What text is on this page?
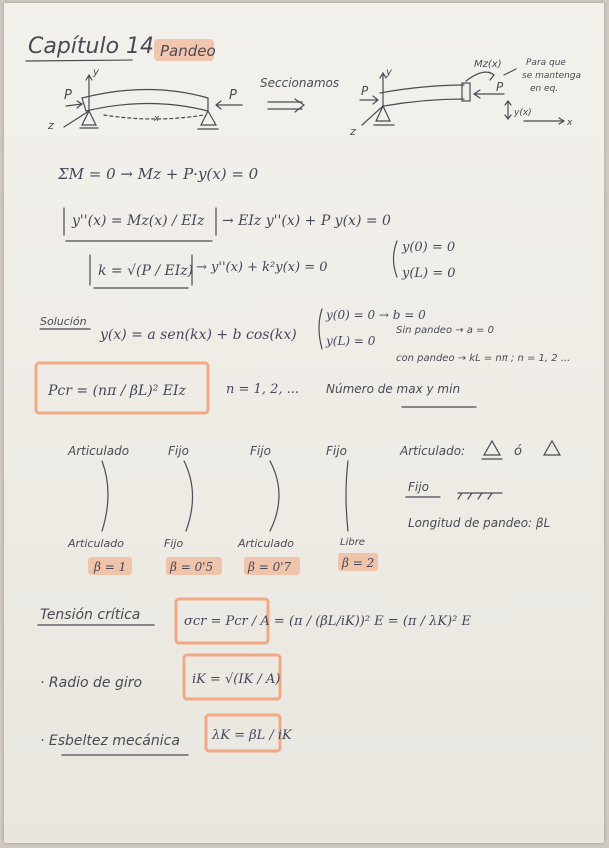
Capítulo 14 Pandeo
P	P
y
z	x
Seccionamos
y
z
x
P	P
Mz(x)
y(x)
Para que
se mantenga
en eq.
ΣM = 0 → Mz + P·y(x) = 0
y''(x) = Mz(x) / EIz → EIz y''(x) + P y(x) = 0
k = √(P / EIz) → y''(x) + k²y(x) = 0
y(0) = 0
y(L) = 0
Solución
y(x) = a sen(kx) + b cos(kx)
y(0) = 0 → b = 0
y(L) = 0
Sin pandeo → a = 0
con pandeo → kL = nπ ; n = 1, 2 ...
Pcr = (nπ / βL)² EIz	n = 1, 2, ... Número de max y min
Articulado
Articulado
β = 1
Fijo
Fijo
β = 0'5
Fijo
Articulado
β = 0'7
Fijo
Libre
β = 2
Articulado:	ó
Fijo
Longitud de pandeo: βL
Tensión crítica	σcr = Pcr / A = (π / (βL/iK))² E = (π / λK)² E
· Radio de giro	iK = √(IK / A)
· Esbeltez mecánica λK = βL / iK
